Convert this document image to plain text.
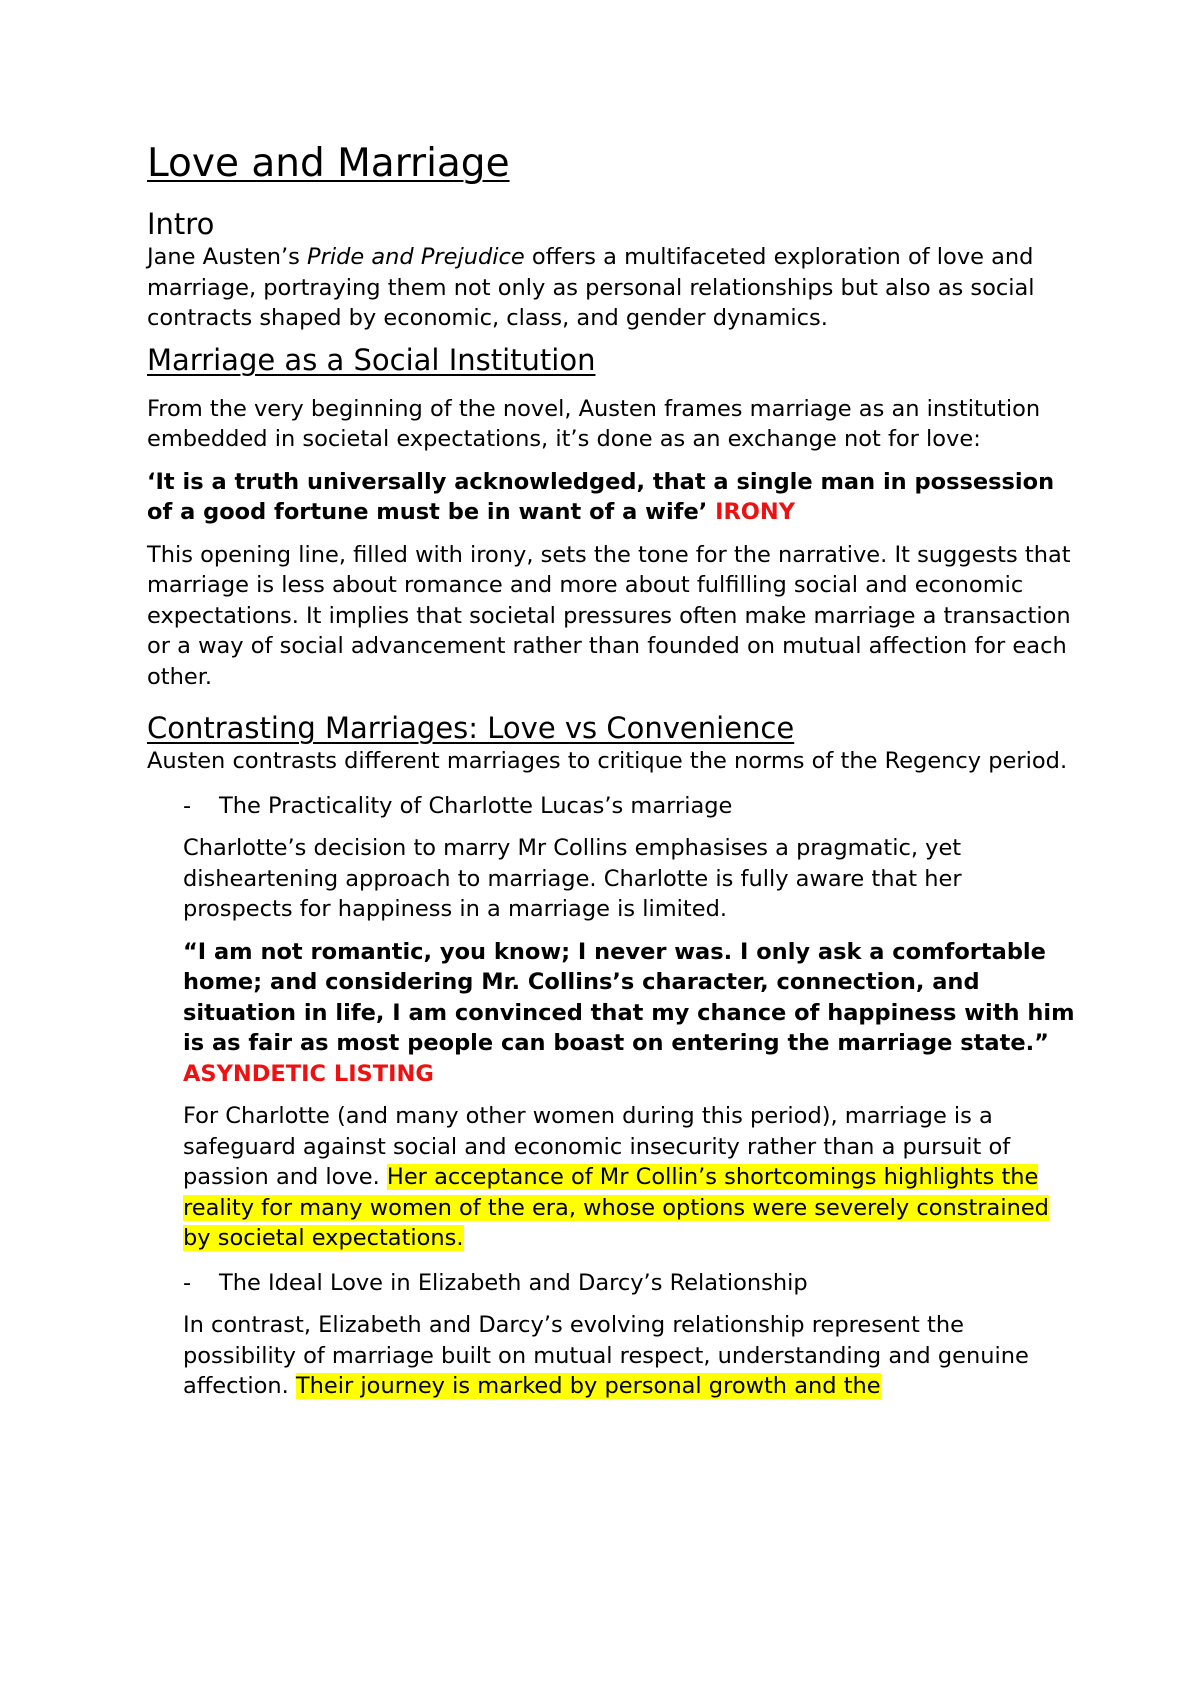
Love and Marriage
Intro

Jane Austen’s Pride and Prejudice offers a multifaceted exploration of love and marriage, portraying them not only as personal relationships but also as social contracts shaped by economic, class, and gender dynamics.

Marriage as a Social Institution

From the very beginning of the novel, Austen frames marriage as an institution embedded in societal expectations, it’s done as an exchange not for love:

‘It is a truth universally acknowledged, that a single man in possession of a good fortune must be in want of a wife’ IRONY

This opening line, filled with irony, sets the tone for the narrative. It suggests that marriage is less about romance and more about fulfilling social and economic expectations. It implies that societal pressures often make marriage a transaction or a way of social advancement rather than founded on mutual affection for each other.

Contrasting Marriages: Love vs Convenience

Austen contrasts different marriages to critique the norms of the Regency period.

-	The Practicality of Charlotte Lucas’s marriage

Charlotte’s decision to marry Mr Collins emphasises a pragmatic, yet disheartening approach to marriage. Charlotte is fully aware that her prospects for happiness in a marriage is limited.

“I am not romantic, you know; I never was. I only ask a comfortable home; and considering Mr. Collins’s character, connection, and situation in life, I am convinced that my chance of happiness with him is as fair as most people can boast on entering the marriage state.” ASYNDETIC LISTING

For Charlotte (and many other women during this period), marriage is a safeguard against social and economic insecurity rather than a pursuit of passion and love. Her acceptance of Mr Collin’s shortcomings highlights the reality for many women of the era, whose options were severely constrained by societal expectations.

-	The Ideal Love in Elizabeth and Darcy’s Relationship

In contrast, Elizabeth and Darcy’s evolving relationship represent the possibility of marriage built on mutual respect, understanding and genuine affection. Their journey is marked by personal growth and the
